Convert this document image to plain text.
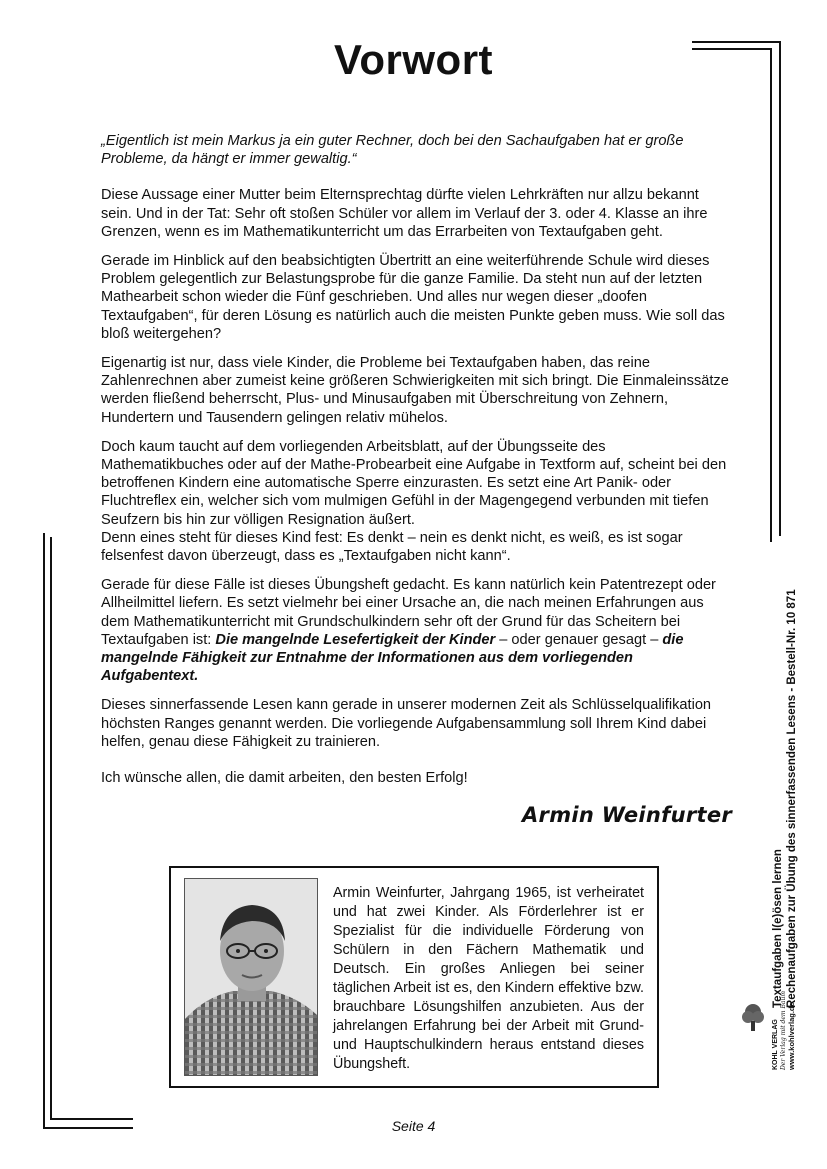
Vorwort

„Eigentlich ist mein Markus ja ein guter Rechner, doch bei den Sachaufgaben hat er große Probleme, da hängt er immer gewaltig.“

Diese Aussage einer Mutter beim Elternsprechtag dürfte vielen Lehrkräften nur allzu bekannt sein. Und in der Tat: Sehr oft stoßen Schüler vor allem im Verlauf der 3. oder 4. Klasse an ihre Grenzen, wenn es im Mathematikunterricht um das Errarbeiten von Textaufgaben geht.

Gerade im Hinblick auf den beabsichtigten Übertritt an eine weiterführende Schule wird dieses Problem gelegentlich zur Belastungsprobe für die ganze Familie. Da steht nun auf der letzten Mathearbeit schon wieder die Fünf geschrieben. Und alles nur wegen dieser „doofen Textaufgaben“, für deren Lösung es natürlich auch die meisten Punkte geben muss. Wie soll das bloß weitergehen?

Eigenartig ist nur, dass viele Kinder, die Probleme bei Textaufgaben haben, das reine Zahlenrechnen aber zumeist keine größeren Schwierigkeiten mit sich bringt. Die Einmaleinssätze werden fließend beherrscht, Plus- und Minusaufgaben mit Überschreitung von Zehnern, Hundertern und Tausendern gelingen relativ mühelos.

Doch kaum taucht auf dem vorliegenden Arbeitsblatt, auf der Übungsseite des Mathematikbuches oder auf der Mathe-Probearbeit eine Aufgabe in Textform auf, scheint bei den betroffenen Kindern eine automatische Sperre einzurasten. Es setzt eine Art Panik- oder Fluchtreflex ein, welcher sich vom mulmigen Gefühl in der Magengegend verbunden mit tiefen Seufzern bis hin zur völligen Resignation äußert.

Denn eines steht für dieses Kind fest: Es denkt – nein es denkt nicht, es weiß, es ist sogar felsenfest davon überzeugt, dass es „Textaufgaben nicht kann“.

Gerade für diese Fälle ist dieses Übungsheft gedacht. Es kann natürlich kein Patentrezept oder Allheilmittel liefern. Es setzt vielmehr bei einer Ursache an, die nach meinen Erfahrungen aus dem Mathematikunterricht mit Grundschulkindern sehr oft der Grund für das Scheitern bei Textaufgaben ist: Die mangelnde Lesefertigkeit der Kinder – oder genauer gesagt – die mangelnde Fähigkeit zur Entnahme der Informationen aus dem vorliegenden Aufgabentext.

Dieses sinnerfassende Lesen kann gerade in unserer modernen Zeit als Schlüsselqualifikation höchsten Ranges genannt werden. Die vorliegende Aufgabensammlung soll Ihrem Kind dabei helfen, genau diese Fähigkeit zu trainieren.

Ich wünsche allen, die damit arbeiten, den besten Erfolg!

Armin Weinfurter
Armin Weinfurter, Jahrgang 1965, ist verheiratet und hat zwei Kinder. Als Förderlehrer ist er Spezialist für die individuelle Förderung von Schülern in den Fächern Mathematik und Deutsch. Ein großes Anliegen bei seiner täglichen Arbeit ist es, den Kindern effektive bzw. brauchbare Lösungshilfen anzubieten. Aus der jahrelangen Erfahrung bei der Arbeit mit Grund- und Hauptschulkindern heraus entstand dieses Übungsheft.
Seite 4
KOHL VERLAG Der Verlag mit dem Baum www.kohlverlag.de
Textaufgaben l(e)ösen lernen Rechenaufgaben zur Übung des sinnerfassenden Lesens - Bestell-Nr. 10 871
